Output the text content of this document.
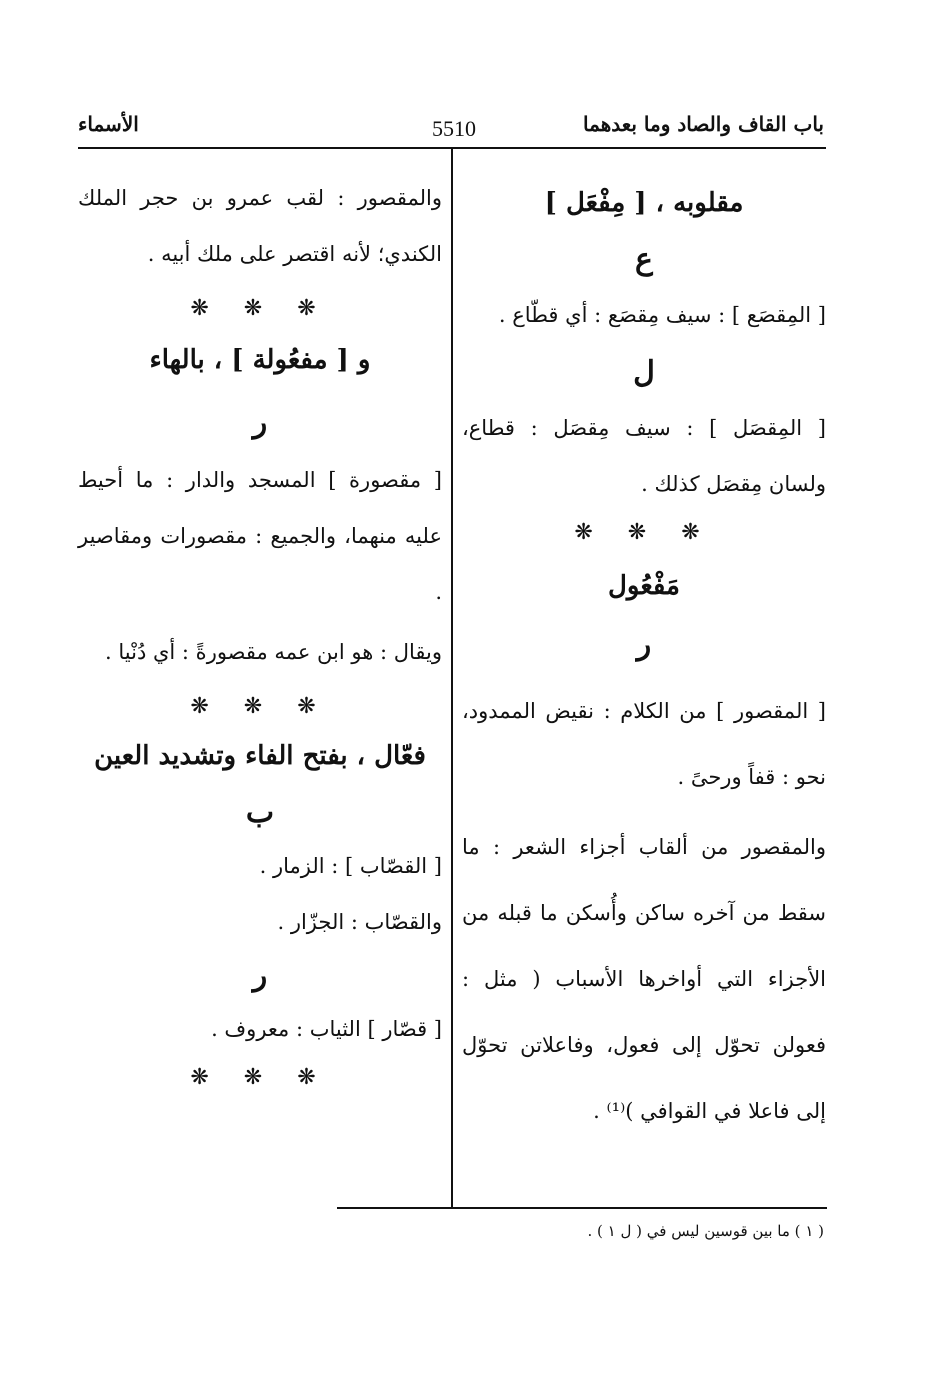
باب القاف والصاد وما بعدهما
5510
الأسماء

مقلوبه ، [ مِفْعَل ]

ع

[ المِقصَع ] : سيف مِقصَع : أي قطّاع .

ل

[ المِقصَل ] : سيف مِقصَل : قطاع، ولسان مِقصَل كذلك .

❋ ❋ ❋

مَفْعُول

ر

[ المقصور ] من الكلام : نقيض الممدود، نحو : قفاً ورحىً .

والمقصور من ألقاب أجزاء الشعر : ما سقط من آخره ساكن وأُسكن ما قبله من الأجزاء التي أواخرها الأسباب ( مثل : فعولن تحوّل إلى فعول، وفاعلاتن تحوّل إلى فاعلا في القوافي )⁽¹⁾ .

والمقصور : لقب عمرو بن حجر الملك الكندي؛ لأنه اقتصر على ملك أبيه .

❋ ❋ ❋

و [ مفعُولة ] ، بالهاء

ر

[ مقصورة ] المسجد والدار : ما أحيط عليه منهما، والجميع : مقصورات ومقاصير .

ويقال : هو ابن عمه مقصورةً : أي دُنْيا .

❋ ❋ ❋

فعّال ، بفتح الفاء وتشديد العين

ب

[ القصّاب ] : الزمار .

والقصّاب : الجزّار .

ر

[ قصّار ] الثياب : معروف .

❋ ❋ ❋

( ١ ) ما بين قوسين ليس في ( ل ١ ) .
